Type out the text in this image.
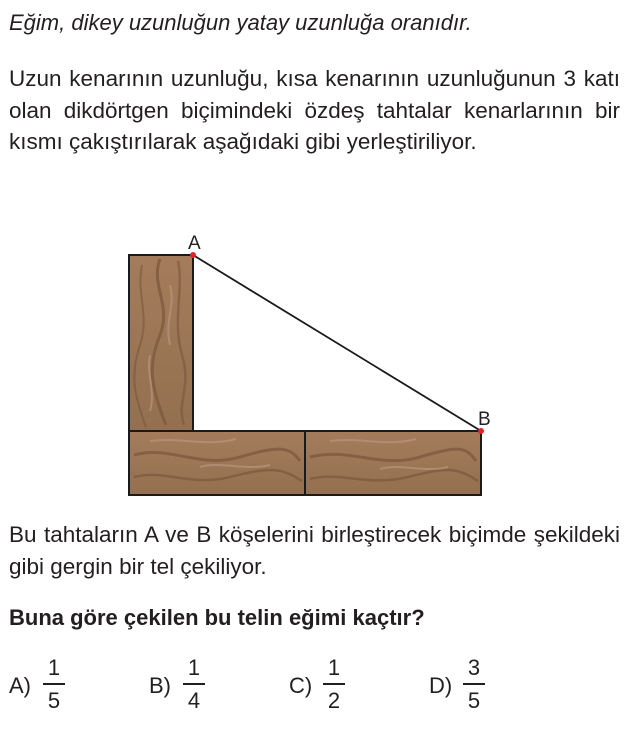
Eğim, dikey uzunluğun yatay uzunluğa oranıdır.
Uzun kenarının uzunluğu, kısa kenarının uzunluğunun 3 katı olan dikdörtgen biçimindeki özdeş tahtalar kenarlarının bir kısmı çakıştırılarak aşağıdaki gibi yerleştiriliyor.
A
B
Bu tahtaların A ve B köşelerini birleştirecek biçimde şekildeki gibi gergin bir tel çekiliyor.
Buna göre çekilen bu telin eğimi kaçtır?
A)
1
5
B)
1
4
C)
1
2
D)
3
5
